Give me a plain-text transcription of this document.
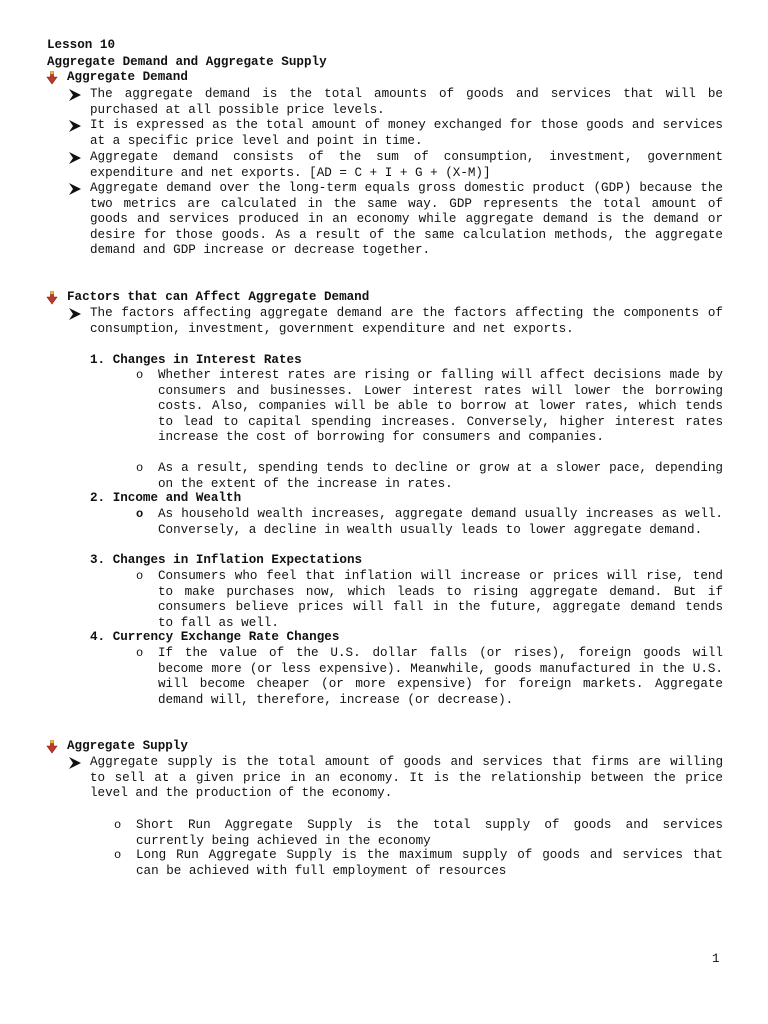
Lesson 10
Aggregate Demand and Aggregate Supply
Aggregate Demand
The aggregate demand is the total amounts of goods and services that will be purchased at all possible price levels.
It is expressed as the total amount of money exchanged for those goods and services at a specific price level and point in time.
Aggregate demand consists of the sum of consumption, investment, government expenditure and net exports. [AD = C + I + G + (X-M)]
Aggregate demand over the long-term equals gross domestic product (GDP) because the two metrics are calculated in the same way. GDP represents the total amount of goods and services produced in an economy while aggregate demand is the demand or desire for those goods. As a result of the same calculation methods, the aggregate demand and GDP increase or decrease together.
Factors that can Affect Aggregate Demand
The factors affecting aggregate demand are the factors affecting the components of consumption, investment, government expenditure and net exports.
1. Changes in Interest Rates
o Whether interest rates are rising or falling will affect decisions made by consumers and businesses. Lower interest rates will lower the borrowing costs. Also, companies will be able to borrow at lower rates, which tends to lead to capital spending increases. Conversely, higher interest rates increase the cost of borrowing for consumers and companies.
o As a result, spending tends to decline or grow at a slower pace, depending on the extent of the increase in rates.
2. Income and Wealth
o As household wealth increases, aggregate demand usually increases as well. Conversely, a decline in wealth usually leads to lower aggregate demand.
3. Changes in Inflation Expectations
o Consumers who feel that inflation will increase or prices will rise, tend to make purchases now, which leads to rising aggregate demand. But if consumers believe prices will fall in the future, aggregate demand tends to fall as well.
4. Currency Exchange Rate Changes
o If the value of the U.S. dollar falls (or rises), foreign goods will become more (or less expensive). Meanwhile, goods manufactured in the U.S. will become cheaper (or more expensive) for foreign markets. Aggregate demand will, therefore, increase (or decrease).
Aggregate Supply
Aggregate supply is the total amount of goods and services that firms are willing to sell at a given price in an economy. It is the relationship between the price level and the production of the economy.
o Short Run Aggregate Supply is the total supply of goods and services currently being achieved in the economy
o Long Run Aggregate Supply is the maximum supply of goods and services that can be achieved with full employment of resources
1
